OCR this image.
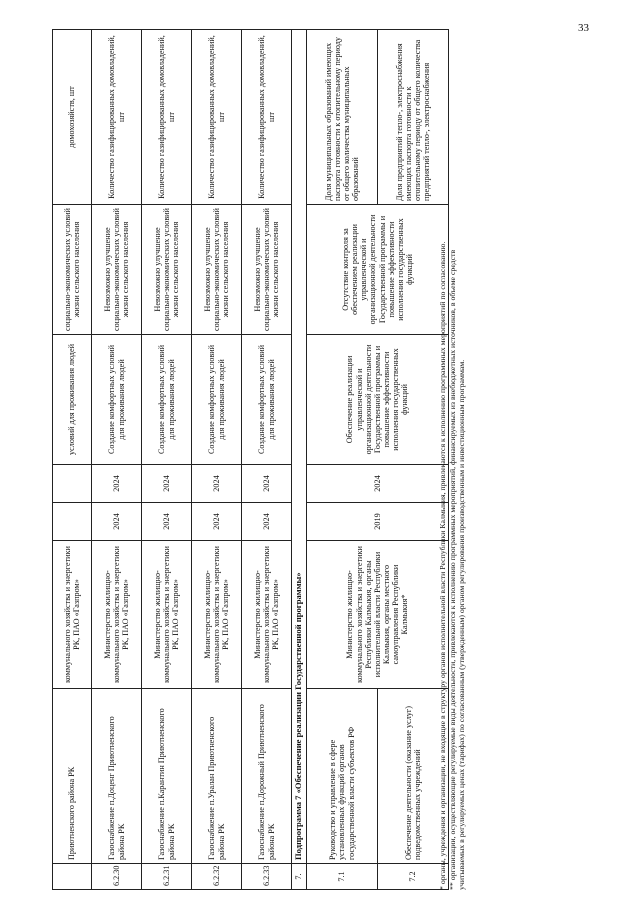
33
	Приютненского района РК	коммунального хозяйства и энергетики РК, ПАО «Газпром»			условий для проживания людей	социально-экономических условий жизни сельского населения	домохозяйств, шт
6.2.30	Газоснабжение п.Доценг Приютненского района РК	Министерство жилищно-коммунального хозяйства и энергетики РК, ПАО «Газпром»	2024	2024	Создание комфортных условий для проживания людей	Невозможно улучшение социально-экономических условий жизни сельского населения	Количество газифицированных домовладений, шт
6.2.31	Газоснабжение п.Карантин Приютненского района РК	Министерство жилищно-коммунального хозяйства и энергетики РК, ПАО «Газпром»	2024	2024	Создание комфортных условий для проживания людей	Невозможно улучшение социально-экономических условий жизни сельского населения	Количество газифицированных домовладений, шт
6.2.32	Газоснабжение п.Уралан Приютненского района РК	Министерство жилищно-коммунального хозяйства и энергетики РК, ПАО «Газпром»	2024	2024	Создание комфортных условий для проживания людей	Невозможно улучшение социально-экономических условий жизни сельского населения	Количество газифицированных домовладений, шт
6.2.33	Газоснабжение п.Дорожный Приютненского района РК	Министерство жилищно-коммунального хозяйства и энергетики РК, ПАО «Газпром»	2024	2024	Создание комфортных условий для проживания людей	Невозможно улучшение социально-экономических условий жизни сельского населения	Количество газифицированных домовладений, шт
7.	Подпрограмма 7 «Обеспечение реализации Государственной программы»						
7.1	Руководство и управление в сфере установленных функций органов государственной власти субъектов РФ	Министерство жилищно-коммунального хозяйства и энергетики Республики Калмыкия, органы исполнительной власти Республики Калмыкия, органы местного самоуправления Республики Калмыкия*	2019	2024	Обеспечение реализации управленческой и организационной деятельности Государственной программы и повышение эффективности исполнения государственных функций	Отсутствие контроля за обеспечением реализации управленческой и организационной деятельности Государственной программы и повышение эффективности исполнения государственных функций	Доля муниципальных образований имеющих паспорта готовности к отопительному периоду от общего количества муниципальных образований
7.2	Обеспечение деятельности (оказание услуг) подведомственных учреждений						Доля предприятий тепло-, электроснабжения имеющих паспорта готовности к отопительному периоду от общего количества предприятий тепло-, электроснабжения
* органы, учреждения и организации, не входящие в структуру органов исполнительной власти Республики Калмыкия, привлекаются к исполнению программных мероприятий по согласованию. ** организации, осуществляющие регулируемые виды деятельности, привлекаются к исполнению программных мероприятий, финансируемых из внебюджетных источников, в объеме средств учитываемых в регулируемых ценах (тарифах) по согласованным (утвержденным) органом регулирования производственным и инвестиционным программам.
